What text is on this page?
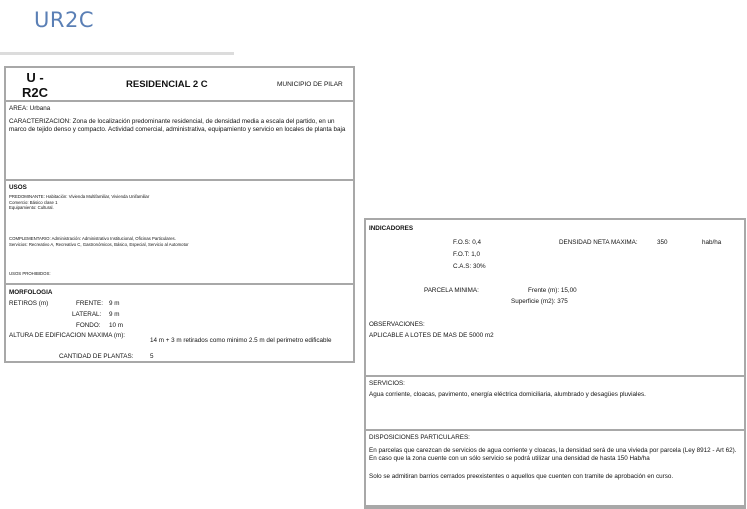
UR2C
U -
R2C
RESIDENCIAL 2 C	MUNICIPIO DE PILAR
AREA: Urbana
CARACTERIZACION: Zona de localización predominante residencial, de densidad media a escala del partido, en un marco de tejido denso y compacto. Actividad comercial, administrativa, equipamiento y servicio en locales de planta baja
USOS
PREDOMINANTE: Habitación: Vivienda Multifamiliar, Vivienda Unifamiliar
Comercio: Básico clase 1
Equipamiento: Cultural.
COMPLEMENTARIO: Administración: Administrativo Institucional, Oficinas Particulares.
Servicios: Recreativo A, Recreativo C, Gastronómicos, Básico, Especial, Servicio al Automotor
USOS PROHIBIDOS:
MORFOLOGIA
RETIROS (m)	FRENTE: 9 m
LATERAL: 9 m
FONDO: 10 m
ALTURA DE EDIFICACION MAXIMA (m):
14 m + 3 m retirados como minimo 2.5 m del perimetro edificable
CANTIDAD DE PLANTAS:	5
INDICADORES
F.O.S: 0,4
F.O.T: 1,0
C.A.S: 30%
DENSIDAD NETA MAXIMA:	350	hab/ha
PARCELA MINIMA:	Frente (m): 15,00
Superficie (m2): 375
OBSERVACIONES:
APLICABLE A LOTES DE MAS DE 5000 m2
SERVICIOS:
Agua corriente, cloacas, pavimento, energía eléctrica domiciliaria, alumbrado y desagües pluviales.
DISPOSICIONES PARTICULARES:
En parcelas que carezcan de servicios de agua corriente y cloacas, la densidad será de una vivieda por parcela (Ley 8912 - Art 62). En caso que la zona cuente con un sólo servicio se podrá utilizar una densidad de hasta 150 Hab/ha
Solo se admitiran barrios cerrados preexistentes o aquellos que cuenten con tramite de aprobación en curso.
